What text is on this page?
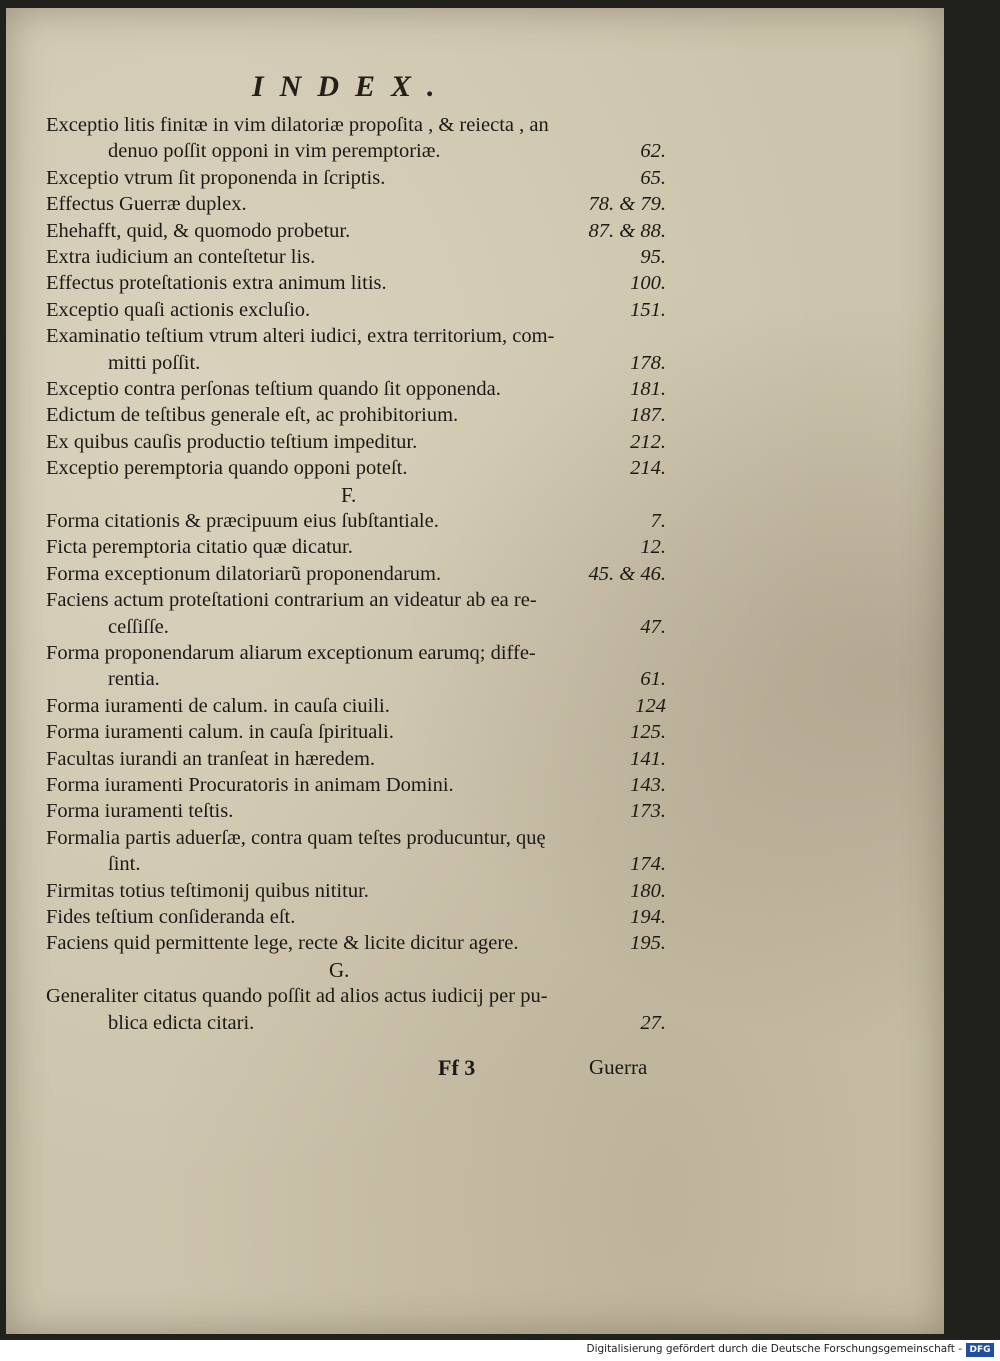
INDEX.
Exceptio litis finitæ in vim dilatoriæ propoſita , & reiecta , an
denuo poſſit opponi in vim peremptoriæ.	62.
Exceptio vtrum ſit proponenda in ſcriptis.	65.
Effectus Guerræ duplex.	78. & 79.
Ehehafft, quid, & quomodo probetur.	87. & 88.
Extra iudicium an conteſtetur lis.	95.
Effectus proteſtationis extra animum litis.	100.
Exceptio quaſi actionis excluſio.	151.
Examinatio teſtium vtrum alteri iudici, extra territorium, com-
mitti poſſit.	178.
Exceptio contra perſonas teſtium quando ſit opponenda.	181.
Edictum de teſtibus generale eſt, ac prohibitorium.	187.
Ex quibus cauſis productio teſtium impeditur.	212.
Exceptio peremptoria quando opponi poteſt.	214.
F.
Forma citationis & præcipuum eius ſubſtantiale.	7.
Ficta peremptoria citatio quæ dicatur.	12.
Forma exceptionum dilatoriarũ proponendarum.	45. & 46.
Faciens actum proteſtationi contrarium an videatur ab ea re-
ceſſiſſe.	47.
Forma proponendarum aliarum exceptionum earumq; diffe-
rentia.	61.
Forma iuramenti de calum. in cauſa ciuili.	124
Forma iuramenti calum. in cauſa ſpirituali.	125.
Facultas iurandi an tranſeat in hæredem.	141.
Forma iuramenti Procuratoris in animam Domini.	143.
Forma iuramenti teſtis.	173.
Formalia partis aduerſæ, contra quam teſtes producuntur, quę
ſint.	174.
Firmitas totius teſtimonij quibus nititur.	180.
Fides teſtium conſideranda eſt.	194.
Faciens quid permittente lege, recte & licite dicitur agere.	195.
G.
Generaliter citatus quando poſſit ad alios actus iudicij per pu-
blica edicta citari.	27.
Ff 3	Guerra
Digitalisierung gefördert durch die Deutsche Forschungsgemeinschaft - DFG
